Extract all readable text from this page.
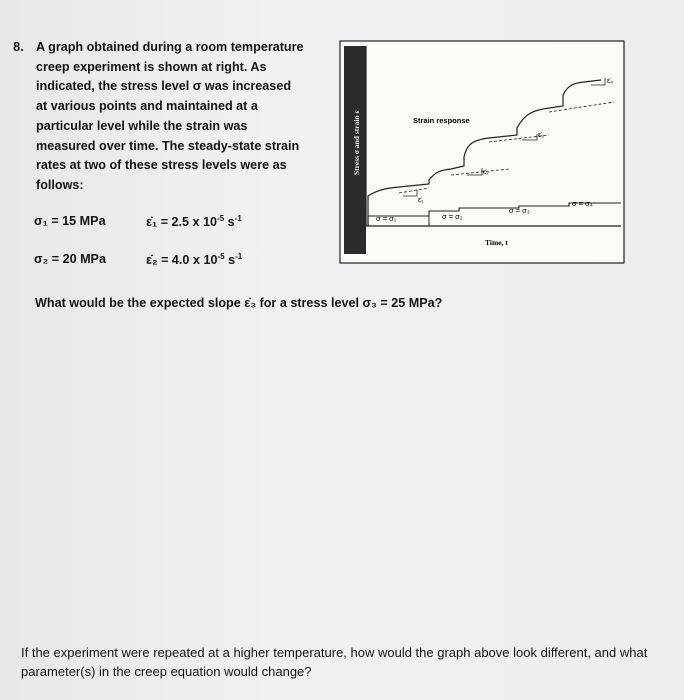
8. A graph obtained during a room temperature
creep experiment is shown at right. As
indicated, the stress level σ was increased
at various points and maintained at a
particular level while the strain was
measured over time. The steady-state strain
rates at two of these stress levels were as
follows:

σ₁ = 15 MPa	ε̇₁ = 2.5 x $10^{-5}$ $s^{-1}$
σ₂ = 20 MPa	ε̇₂ = 4.0 x $10^{-5}$ $s^{-1}$
Stress σ and strain ε
ε̇₁
ε̇₂
ε̇₃
ε̇₄
Strain response
σ = σ₁	σ = σ₂
σ = σ₃
σ = σ₄
Time, t
What would be the expected slope ε̇₃ for a stress level σ₃ = 25 MPa?

If the experiment were repeated at a higher temperature, how would the graph above look different, and what parameter(s) in the creep equation would change?
